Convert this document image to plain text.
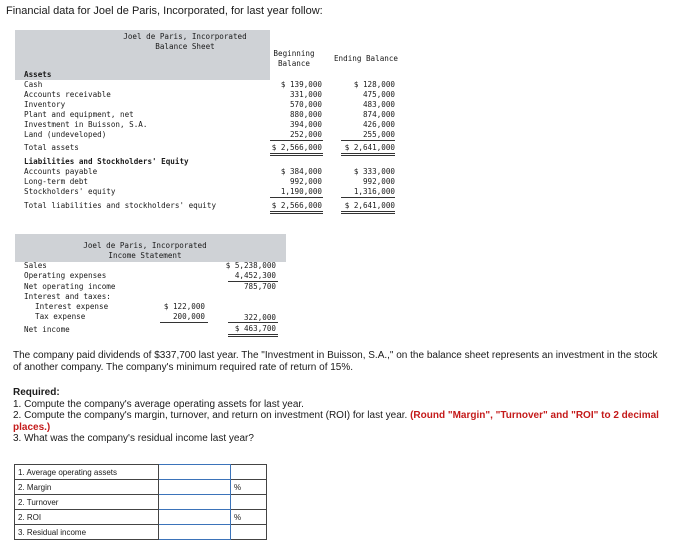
Financial data for Joel de Paris, Incorporated, for last year follow:
Joel de Paris, Incorporated
Balance Sheet
Beginning
Balance
Ending Balance
Assets
Cash	$ 139,000	$ 128,000
Accounts receivable	331,000	475,000
Inventory	570,000	483,000
Plant and equipment, net	880,000	874,000
Investment in Buisson, S.A.	394,000	426,000
Land (undeveloped)	252,000	255,000
Total assets	$ 2,566,000	$ 2,641,000
Liabilities and Stockholders' Equity
Accounts payable	$ 384,000	$ 333,000
Long-term debt	992,000	992,000
Stockholders' equity	1,190,000	1,316,000
Total liabilities and stockholders' equity	$ 2,566,000	$ 2,641,000
Joel de Paris, Incorporated
Income Statement
Sales	$ 5,238,000
Operating expenses	4,452,300
Net operating income	785,700
Interest and taxes:
Interest expense	$ 122,000
Tax expense	200,000	322,000
Net income	$ 463,700
The company paid dividends of $337,700 last year. The "Investment in Buisson, S.A.," on the balance sheet represents an investment in the stock of another company. The company's minimum required rate of return of 15%.
Required:
1. Compute the company's average operating assets for last year.
2. Compute the company's margin, turnover, and return on investment (ROI) for last year. (Round "Margin", "Turnover" and "ROI" to 2 decimal places.)
3. What was the company's residual income last year?
1. Average operating assets		
2. Margin		%
2. Turnover		
2. ROI		%
3. Residual income		
